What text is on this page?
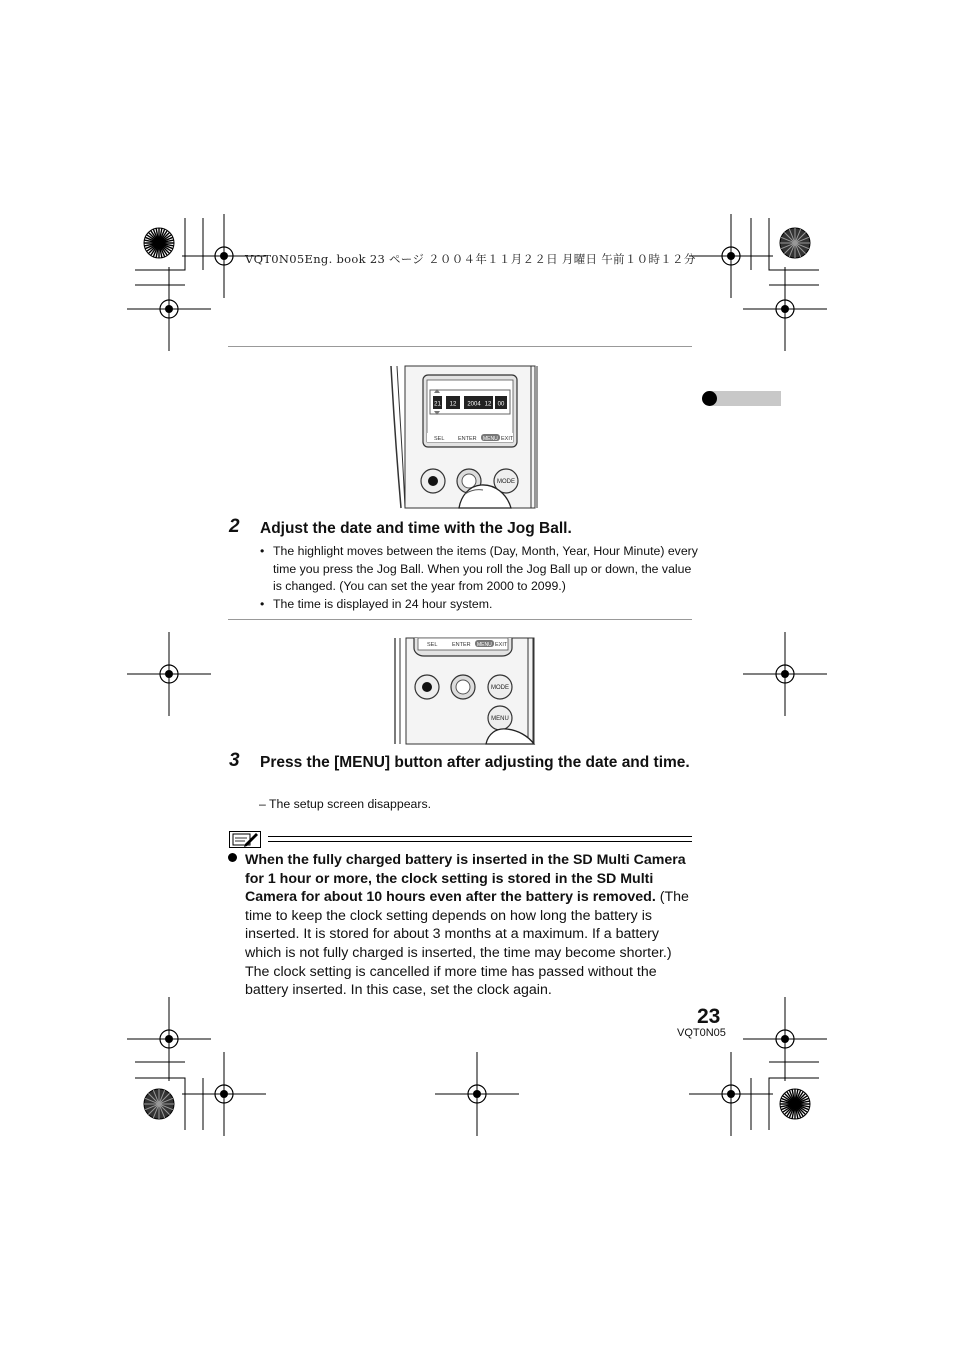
VQT0N05Eng. book 23 ページ ２００４年１１月２２日 月曜日 午前１０時１２分
21 12 2004 12 00
SEL ENTER MENU EXIT
MODE
2 Adjust the date and time with the Jog Ball.
• The highlight moves between the items (Day, Month, Year, Hour Minute) every time you press the Jog Ball. When you roll the Jog Ball up or down, the value is changed. (You can set the year from 2000 to 2099.)
• The time is displayed in 24 hour system.
SEL	ENTER MENU EXIT
MODE
MENU
3 Press the [MENU] button after adjusting the date and time.
– The setup screen disappears.
When the fully charged battery is inserted in the SD Multi Camera for 1 hour or more, the clock setting is stored in the SD Multi Camera for about 10 hours even after the battery is removed. (The time to keep the clock setting depends on how long the battery is inserted. It is stored for about 3 months at a maximum. If a battery which is not fully charged is inserted, the time may become shorter.) The clock setting is cancelled if more time has passed without the battery inserted. In this case, set the clock again.
23
VQT0N05
